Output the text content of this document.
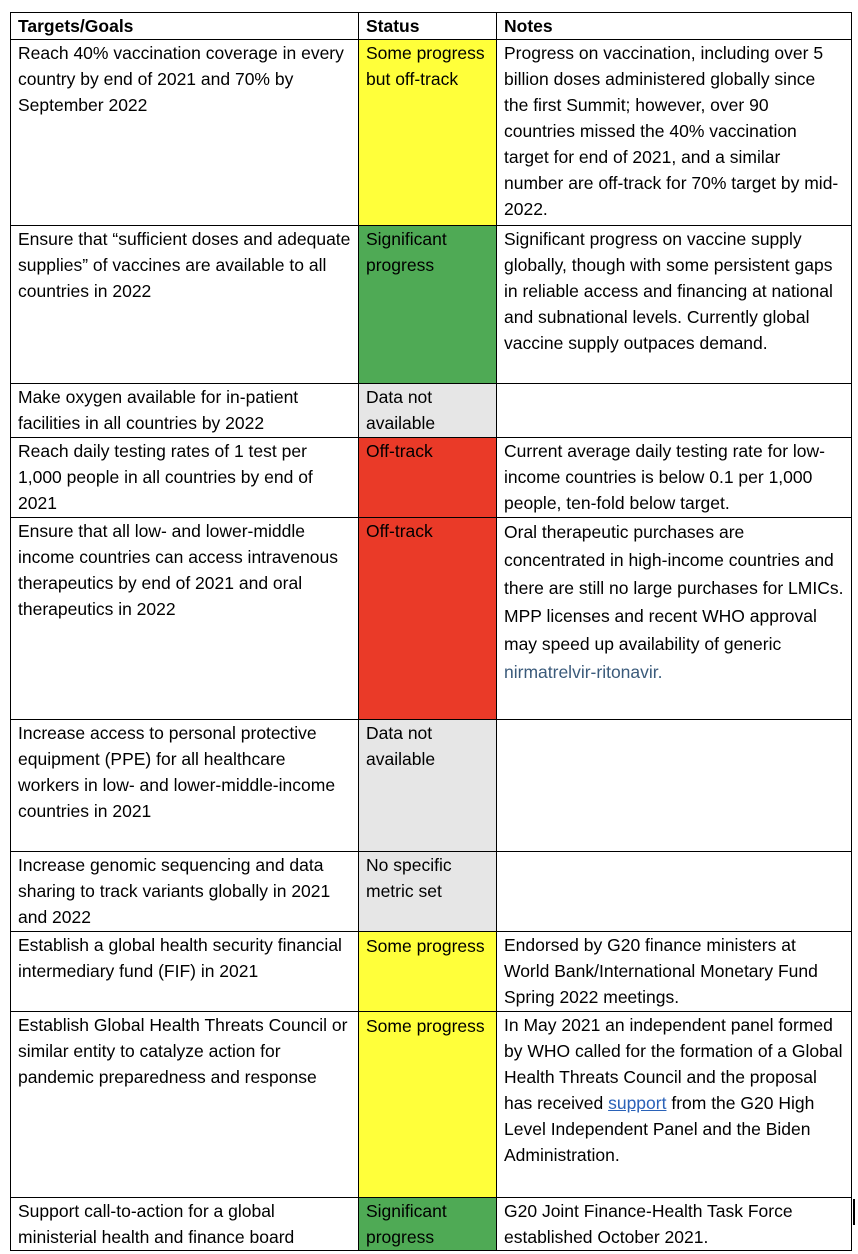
Targets/Goals	Status	Notes
Reach 40% vaccination coverage in every country by end of 2021 and 70% by September 2022	Some progress but off-track	Progress on vaccination, including over 5 billion doses administered globally since the first Summit; however, over 90 countries missed the 40% vaccination target for end of 2021, and a similar number are off-track for 70% target by mid-2022.
Ensure that “sufficient doses and adequate supplies” of vaccines are available to all countries in 2022	Significant progress	Significant progress on vaccine supply globally, though with some persistent gaps in reliable access and financing at national and subnational levels. Currently global vaccine supply outpaces demand.
Make oxygen available for in-patient facilities in all countries by 2022	Data not available	
Reach daily testing rates of 1 test per 1,000 people in all countries by end of 2021	Off-track	Current average daily testing rate for low-income countries is below 0.1 per 1,000 people, ten-fold below target.
Ensure that all low- and lower-middle income countries can access intravenous therapeutics by end of 2021 and oral therapeutics in 2022	Off-track	Oral therapeutic purchases are concentrated in high-income countries and there are still no large purchases for LMICs. MPP licenses and recent WHO approval may speed up availability of generic nirmatrelvir-ritonavir.
Increase access to personal protective equipment (PPE) for all healthcare workers in low- and lower-middle-income countries in 2021	Data not available	
Increase genomic sequencing and data sharing to track variants globally in 2021 and 2022	No specific metric set	
Establish a global health security financial intermediary fund (FIF) in 2021	Some progress	Endorsed by G20 finance ministers at World Bank/International Monetary Fund Spring 2022 meetings.
Establish Global Health Threats Council or similar entity to catalyze action for pandemic preparedness and response	Some progress	In May 2021 an independent panel formed by WHO called for the formation of a Global Health Threats Council and the proposal has received support from the G20 High Level Independent Panel and the Biden Administration.
Support call-to-action for a global ministerial health and finance board	Significant progress	G20 Joint Finance-Health Task Force established October 2021.
